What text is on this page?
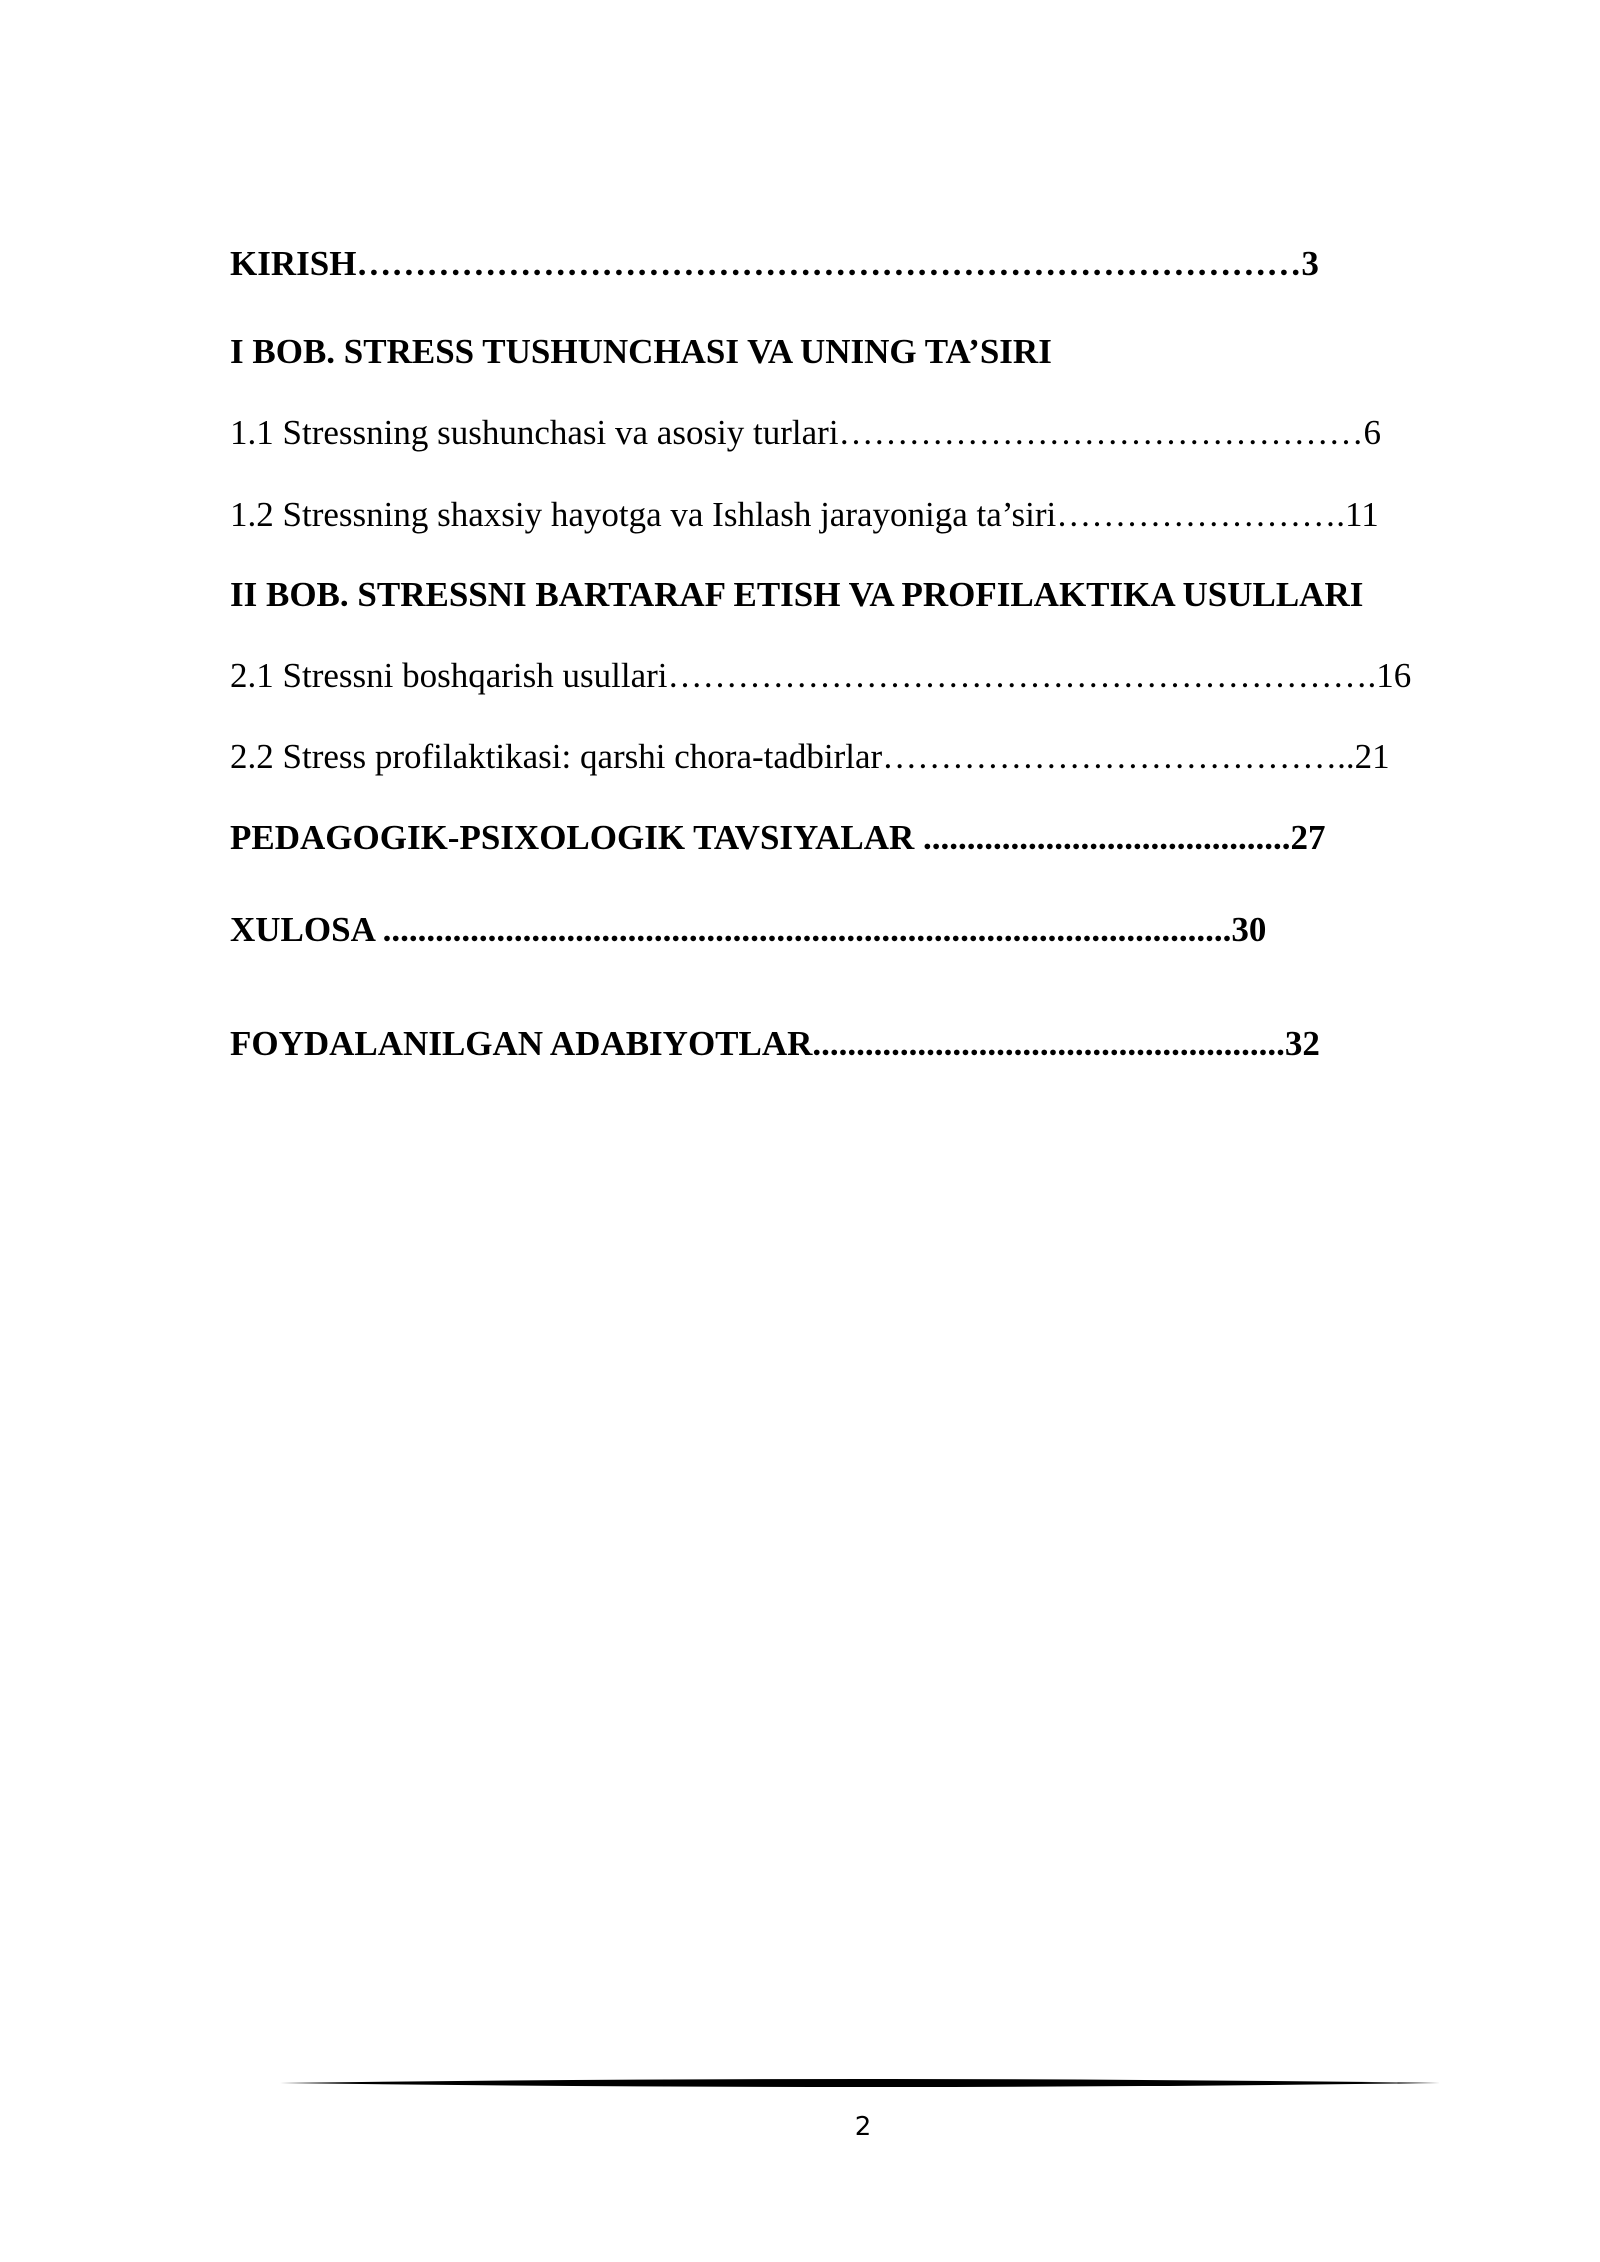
KIRISH………………………………………………………………………3
I BOB. STRESS TUSHUNCHASI VA UNING TA’SIRI
1.1 Stressning sushunchasi va asosiy turlari………………………………………6
1.2 Stressning shaxsiy hayotga va Ishlash jarayoniga ta’siri…………………….11
II BOB. STRESSNI BARTARAF ETISH VA PROFILAKTIKA USULLARI
2.1 Stressni boshqarish usullari…………………………………………………….16
2.2 Stress profilaktikasi: qarshi chora-tadbirlar…………………………………..21
PEDAGOGIK-PSIXOLOGIK TAVSIYALAR ..........................................27
XULOSA .................................................................................................30
FOYDALANILGAN ADABIYOTLAR......................................................32
2
